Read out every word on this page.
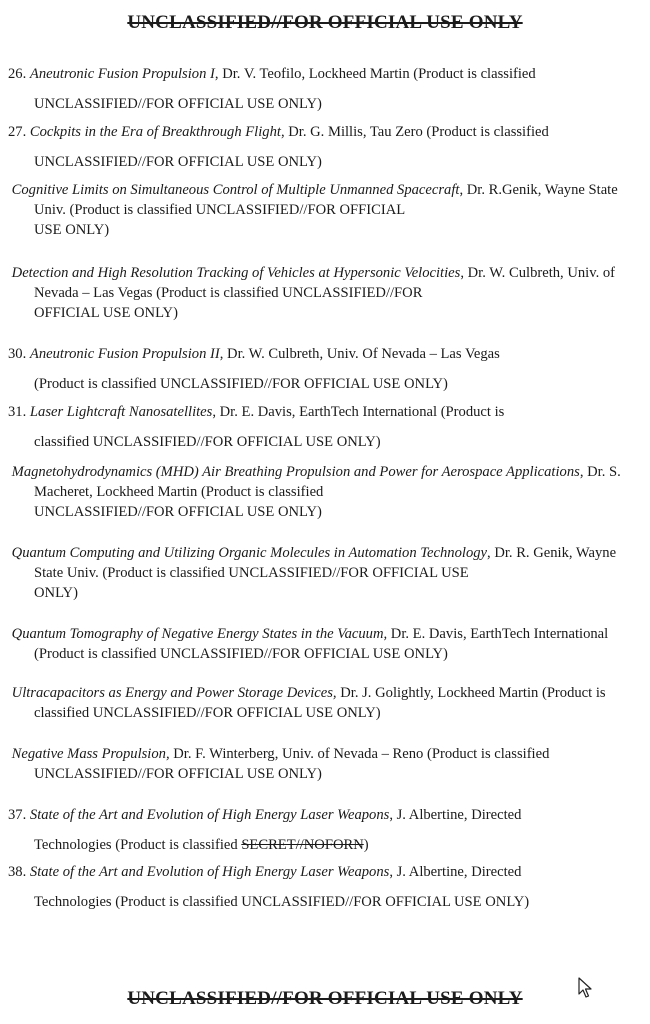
UNCLASSIFIED//FOR OFFICIAL USE ONLY
26. Aneutronic Fusion Propulsion I, Dr. V. Teofilo, Lockheed Martin (Product is classified
UNCLASSIFIED//FOR OFFICIAL USE ONLY)
27. Cockpits in the Era of Breakthrough Flight, Dr. G. Millis, Tau Zero (Product is classified
UNCLASSIFIED//FOR OFFICIAL USE ONLY)
Cognitive Limits on Simultaneous Control of Multiple Unmanned Spacecraft, Dr. R.Genik, Wayne State Univ. (Product is classified UNCLASSIFIED//FOR OFFICIAL
USE ONLY)
Detection and High Resolution Tracking of Vehicles at Hypersonic Velocities, Dr. W. Culbreth, Univ. of Nevada – Las Vegas (Product is classified UNCLASSIFIED//FOR
OFFICIAL USE ONLY)
30. Aneutronic Fusion Propulsion II, Dr. W. Culbreth, Univ. Of Nevada – Las Vegas
(Product is classified UNCLASSIFIED//FOR OFFICIAL USE ONLY)
31. Laser Lightcraft Nanosatellites, Dr. E. Davis, EarthTech International (Product is
classified UNCLASSIFIED//FOR OFFICIAL USE ONLY)
Magnetohydrodynamics (MHD) Air Breathing Propulsion and Power for Aerospace Applications, Dr. S. Macheret, Lockheed Martin (Product is classified
UNCLASSIFIED//FOR OFFICIAL USE ONLY)
Quantum Computing and Utilizing Organic Molecules in Automation Technology, Dr. R. Genik, Wayne State Univ. (Product is classified UNCLASSIFIED//FOR OFFICIAL USE
ONLY)
Quantum Tomography of Negative Energy States in the Vacuum, Dr. E. Davis, EarthTech International (Product is classified UNCLASSIFIED//FOR OFFICIAL USE ONLY)
Ultracapacitors as Energy and Power Storage Devices, Dr. J. Golightly, Lockheed Martin (Product is classified UNCLASSIFIED//FOR OFFICIAL USE ONLY)
Negative Mass Propulsion, Dr. F. Winterberg, Univ. of Nevada – Reno (Product is classified UNCLASSIFIED//FOR OFFICIAL USE ONLY)
37. State of the Art and Evolution of High Energy Laser Weapons, J. Albertine, Directed
Technologies (Product is classified SECRET//NOFORN)
38. State of the Art and Evolution of High Energy Laser Weapons, J. Albertine, Directed
Technologies (Product is classified UNCLASSIFIED//FOR OFFICIAL USE ONLY)
UNCLASSIFIED//FOR OFFICIAL USE ONLY
